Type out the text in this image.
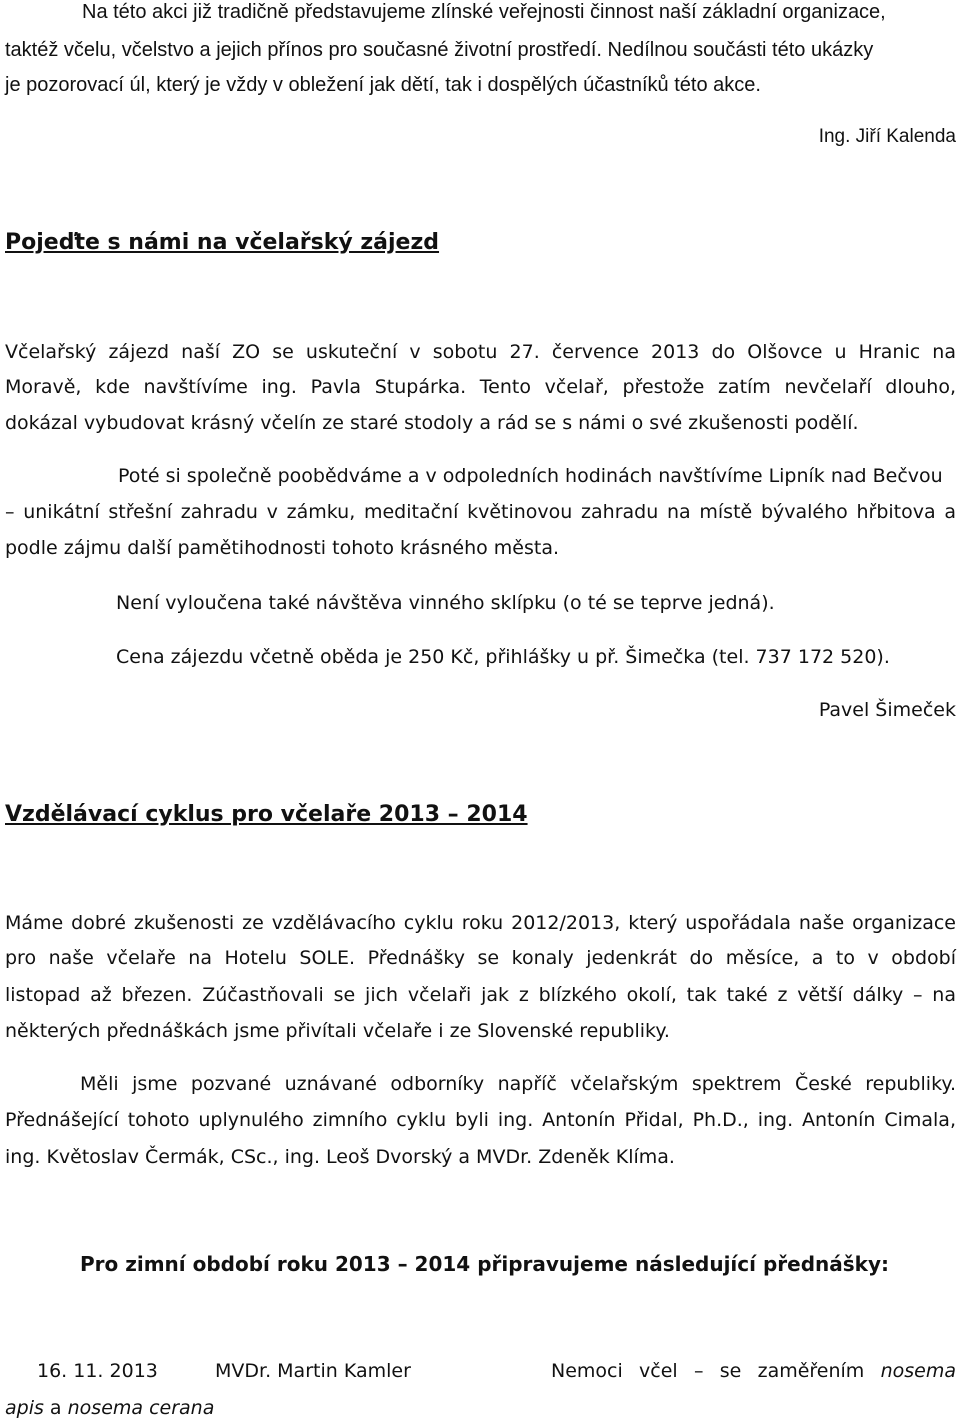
Na této akci již tradičně představujeme zlínské veřejnosti činnost naší základní organizace,
taktéž včelu, včelstvo a jejich přínos pro současné životní prostředí. Nedílnou součásti této ukázky
je pozorovací úl, který je vždy v obležení jak dětí, tak i dospělých účastníků této akce.
Ing. Jiří Kalenda
Pojeďte s námi na včelařský zájezd
Včelařský zájezd naší ZO se uskuteční v sobotu 27. července 2013 do Olšovce u Hranic na
Moravě, kde navštívíme ing. Pavla Stupárka. Tento včelař, přestože zatím nevčelaří dlouho,
dokázal vybudovat krásný včelín ze staré stodoly a rád se s námi o své zkušenosti podělí.
Poté si společně poobědváme a v odpoledních hodinách navštívíme Lipník nad Bečvou
– unikátní střešní zahradu v zámku, meditační květinovou zahradu na místě bývalého hřbitova a
podle zájmu další pamětihodnosti tohoto krásného města.
Není vyloučena také návštěva vinného sklípku (o té se teprve jedná).
Cena zájezdu včetně oběda je 250 Kč, přihlášky u př. Šimečka (tel. 737 172 520).
Pavel Šimeček
Vzdělávací cyklus pro včelaře 2013 – 2014
Máme dobré zkušenosti ze vzdělávacího cyklu roku 2012/2013, který uspořádala naše organizace
pro naše včelaře na Hotelu SOLE. Přednášky se konaly jedenkrát do měsíce, a to v období
listopad až březen. Zúčastňovali se jich včelaři jak z blízkého okolí, tak také z větší dálky – na
některých přednáškách jsme přivítali včelaře i ze Slovenské republiky.
Měli jsme pozvané uznávané odborníky napříč včelařským spektrem České republiky.
Přednášející tohoto uplynulého zimního cyklu byli ing. Antonín Přidal, Ph.D., ing. Antonín Cimala,
ing. Květoslav Čermák, CSc., ing. Leoš Dvorský a MVDr. Zdeněk Klíma.
Pro zimní období roku 2013 – 2014 připravujeme následující přednášky:
16. 11. 2013	MVDr. Martin Kamler	Nemoci včel – se zaměřením nosema
apis a nosema cerana
